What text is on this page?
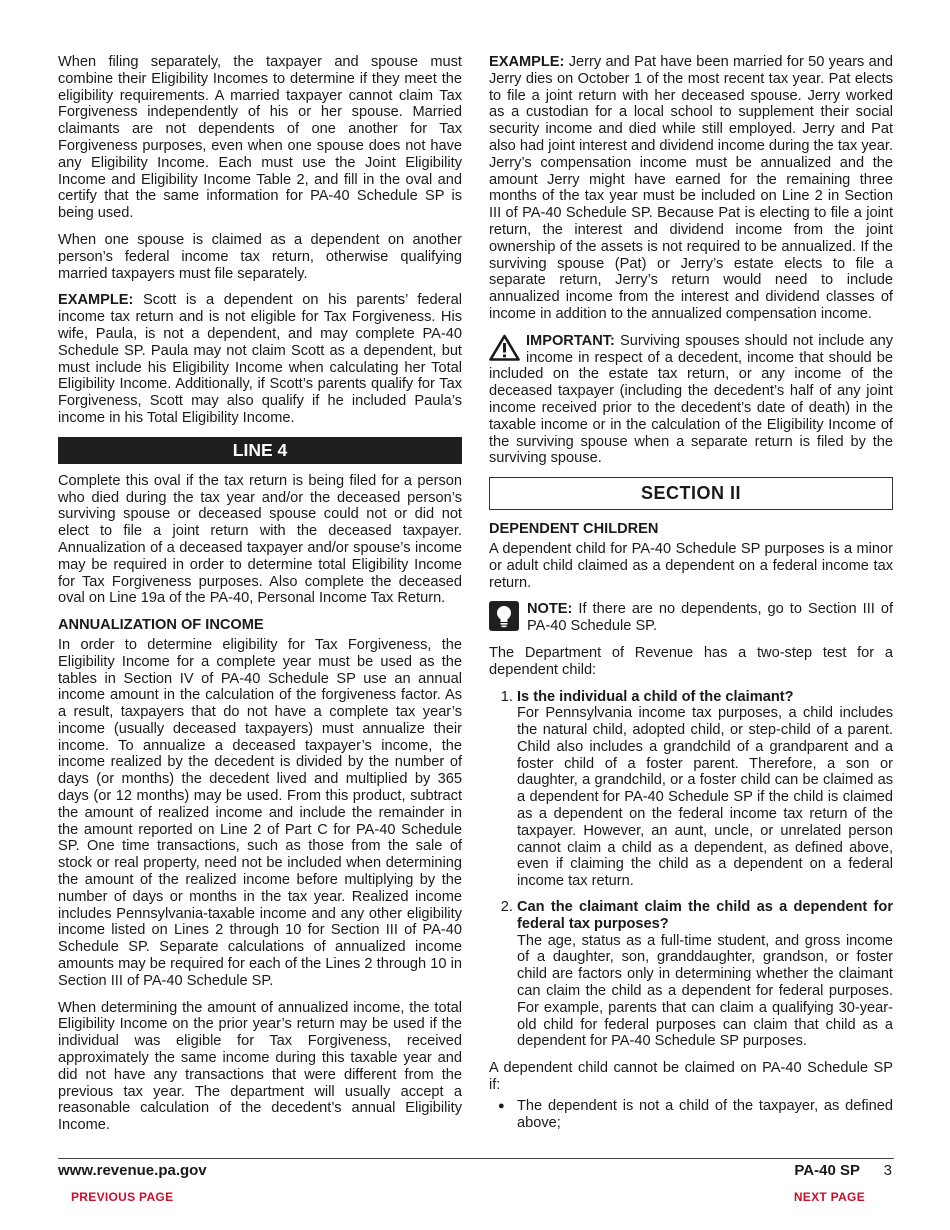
When filing separately, the taxpayer and spouse must combine their Eligibility Incomes to determine if they meet the eligibility requirements. A married taxpayer cannot claim Tax Forgiveness independently of his or her spouse. Married claimants are not dependents of one another for Tax Forgiveness purposes, even when one spouse does not have any Eligibility Income. Each must use the Joint Eligibility Income and Eligibility Income Table 2, and fill in the oval and certify that the same information for PA-40 Schedule SP is being used.

When one spouse is claimed as a dependent on another person’s federal income tax return, otherwise qualifying married taxpayers must file separately.

EXAMPLE: Scott is a dependent on his parents’ federal income tax return and is not eligible for Tax Forgiveness. His wife, Paula, is not a dependent, and may complete PA-40 Schedule SP. Paula may not claim Scott as a dependent, but must include his Eligibility Income when calculating her Total Eligibility Income. Additionally, if Scott’s parents qualify for Tax Forgiveness, Scott may also qualify if he included Paula’s income in his Total Eligibility Income.

LINE 4

Complete this oval if the tax return is being filed for a person who died during the tax year and/or the deceased person’s surviving spouse or deceased spouse could not or did not elect to file a joint return with the deceased taxpayer. Annualization of a deceased taxpayer and/or spouse’s income may be required in order to determine total Eligibility Income for Tax Forgiveness purposes. Also complete the deceased oval on Line 19a of the PA-40, Personal Income Tax Return.

ANNUALIZATION OF INCOME

In order to determine eligibility for Tax Forgiveness, the Eligibility Income for a complete year must be used as the tables in Section IV of PA-40 Schedule SP use an annual income amount in the calculation of the forgiveness factor. As a result, taxpayers that do not have a complete tax year’s income (usually deceased taxpayers) must annualize their income. To annualize a deceased taxpayer’s income, the income realized by the decedent is divided by the number of days (or months) the decedent lived and multiplied by 365 days (or 12 months) may be used. From this product, subtract the amount of realized income and include the remainder in the amount reported on Line 2 of Part C for PA-40 Schedule SP. One time transactions, such as those from the sale of stock or real property, need not be included when determining the amount of the realized income before multiplying by the number of days or months in the tax year. Realized income includes Pennsylvania-taxable income and any other eligibility income listed on Lines 2 through 10 for Section III of PA-40 Schedule SP. Separate calculations of annualized income amounts may be required for each of the Lines 2 through 10 in Section III of PA-40 Schedule SP.

When determining the amount of annualized income, the total Eligibility Income on the prior year’s return may be used if the individual was eligible for Tax Forgiveness, received approximately the same income during this taxable year and did not have any transactions that were different from the previous tax year. The department will usually accept a reasonable calculation of the decedent’s annual Eligibility Income.

EXAMPLE: Jerry and Pat have been married for 50 years and Jerry dies on October 1 of the most recent tax year. Pat elects to file a joint return with her deceased spouse. Jerry worked as a custodian for a local school to supplement their social security income and died while still employed. Jerry and Pat also had joint interest and dividend income during the tax year. Jerry’s compensation income must be annualized and the amount Jerry might have earned for the remaining three months of the tax year must be included on Line 2 in Section III of PA-40 Schedule SP. Because Pat is electing to file a joint return, the interest and dividend income from the joint ownership of the assets is not required to be annualized. If the surviving spouse (Pat) or Jerry’s estate elects to file a separate return, Jerry’s return would need to include annualized income from the interest and dividend classes of income in addition to the annualized compensation income.

IMPORTANT: Surviving spouses should not include any income in respect of a decedent, income that should be included on the estate tax return, or any income of the deceased taxpayer (including the decedent’s half of any joint income received prior to the decedent’s date of death) in the taxable income or in the calculation of the Eligibility Income of the surviving spouse when a separate return is filed by the surviving spouse.
SECTION II
DEPENDENT CHILDREN

A dependent child for PA-40 Schedule SP purposes is a minor or adult child claimed as a dependent on a federal income tax return.

NOTE: If there are no dependents, go to Section III of PA-40 Schedule SP.

The Department of Revenue has a two-step test for a dependent child:

1. Is the individual a child of the claimant?
For Pennsylvania income tax purposes, a child includes the natural child, adopted child, or step-child of a parent. Child also includes a grandchild of a grandparent and a foster child of a foster parent. Therefore, a son or daughter, a grandchild, or a foster child can be claimed as a dependent for PA-40 Schedule SP if the child is claimed as a dependent on the federal income tax return of the taxpayer. However, an aunt, uncle, or unrelated person cannot claim a child as a dependent, as defined above, even if claiming the child as a dependent on a federal income tax return.
2. Can the claimant claim the child as a dependent for federal tax purposes?
The age, status as a full-time student, and gross income of a daughter, son, granddaughter, grandson, or foster child are factors only in determining whether the claimant can claim the child as a dependent for federal purposes. For example, parents that can claim a qualifying 30-year-old child for federal purposes can claim that child as a dependent for PA-40 Schedule SP purposes.

A dependent child cannot be claimed on PA-40 Schedule SP if:

● The dependent is not a child of the taxpayer, as defined above;
www.revenue.pa.gov	PA-40 SP 3
PREVIOUS PAGE	NEXT PAGE
